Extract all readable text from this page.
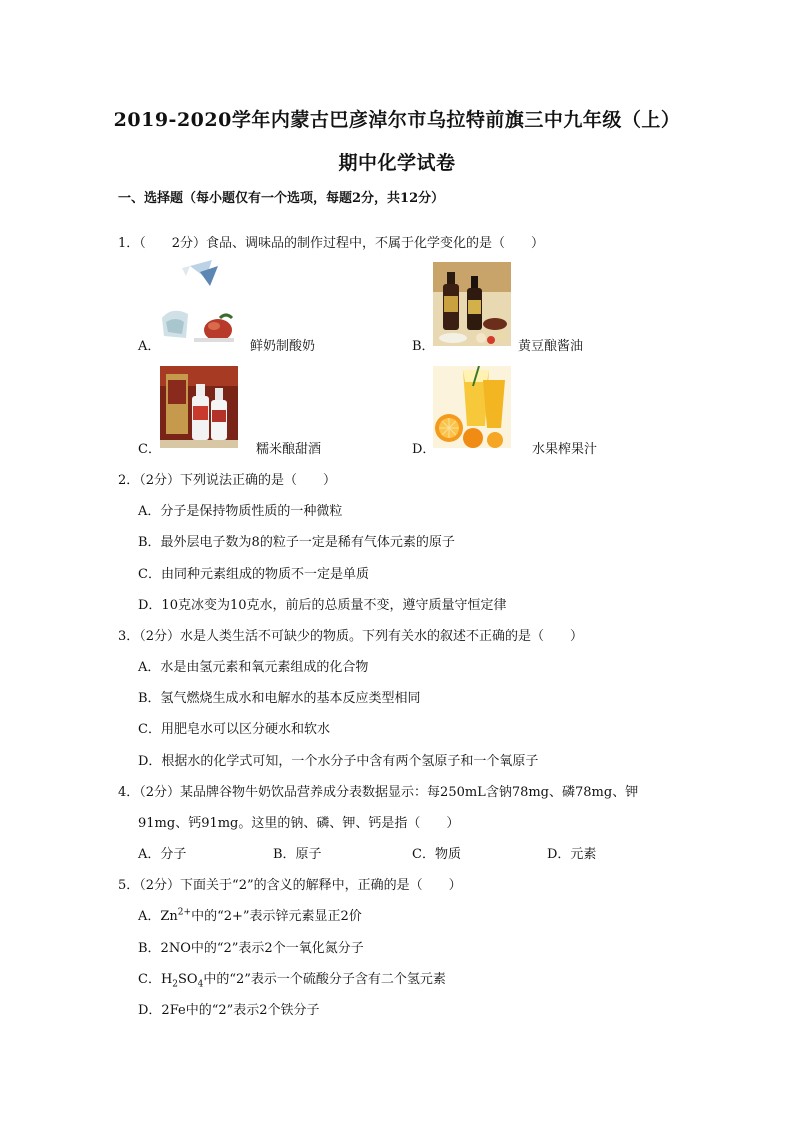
2019-2020学年内蒙古巴彦淖尔市乌拉特前旗三中九年级（上）
期中化学试卷
一、选择题（每小题仅有一个选项，每题2分，共12分）
1．（　　2分）食品、调味品的制作过程中，不属于化学变化的是（　　）
A．	鲜奶制酸奶	B．	黄豆酿酱油
C．	糯米酿甜酒	D．	水果榨果汁
2．（2分）下列说法正确的是（　　）
A．分子是保持物质性质的一种微粒
B．最外层电子数为8的粒子一定是稀有气体元素的原子
C．由同种元素组成的物质不一定是单质
D．10克冰变为10克水，前后的总质量不变，遵守质量守恒定律
3．（2分）水是人类生活不可缺少的物质。下列有关水的叙述不正确的是（　　）
A．水是由氢元素和氧元素组成的化合物
B．氢气燃烧生成水和电解水的基本反应类型相同
C．用肥皂水可以区分硬水和软水
D．根据水的化学式可知，一个水分子中含有两个氢原子和一个氧原子
4．（2分）某品牌谷物牛奶饮品营养成分表数据显示：每250mL含钠78mg、磷78mg、钾
91mg、钙91mg。这里的钠、磷、钾、钙是指（　　）
A．分子	B．原子	C．物质	D．元素
5．（2分）下面关于“2”的含义的解释中，正确的是（　　）
A．$Zn^{2+}$中的“2+”表示锌元素显正2价
B．2NO中的“2”表示2个一氧化氮分子
C．$H_2SO_4$中的“2”表示一个硫酸分子含有二个氢元素
D．2Fe中的“2”表示2个铁分子
